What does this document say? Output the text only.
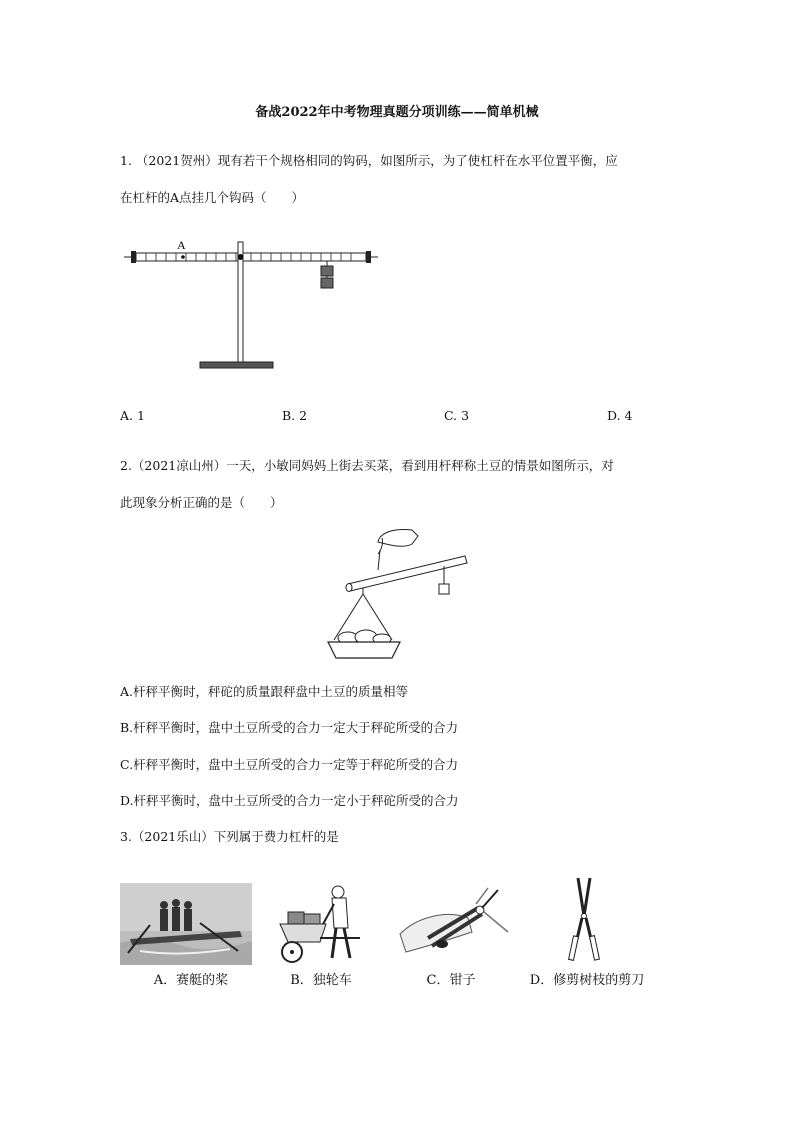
备战2022年中考物理真题分项训练——简单机械
1. （2021贺州）现有若干个规格相同的钩码，如图所示，为了使杠杆在水平位置平衡，应
在杠杆的A点挂几个钩码（　　）
A
A. 1	B. 2	C. 3	D. 4
2.（2021凉山州）一天，小敏同妈妈上街去买菜，看到用杆秤称土豆的情景如图所示，对
此现象分析正确的是（　　）
A.杆秤平衡时，秤砣的质量跟秤盘中土豆的质量相等
B.杆秤平衡时，盘中土豆所受的合力一定大于秤砣所受的合力
C.杆秤平衡时，盘中土豆所受的合力一定等于秤砣所受的合力
D.杆秤平衡时，盘中土豆所受的合力一定小于秤砣所受的合力
3.（2021乐山）下列属于费力杠杆的是
A．赛艇的桨	B．独轮车	C．钳子	D．修剪树枝的剪刀
